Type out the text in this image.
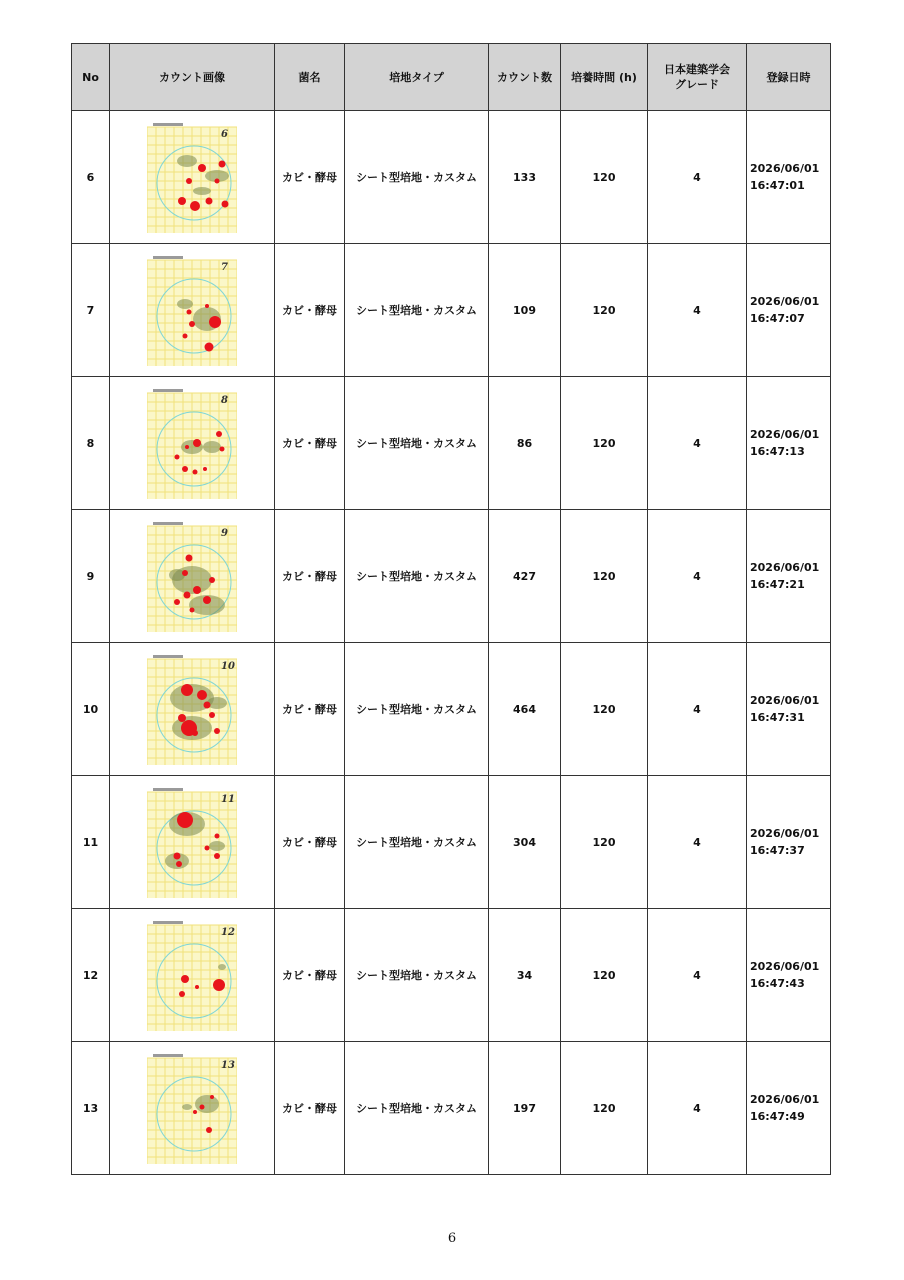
No	カウント画像	菌名	培地タイプ	カウント数	培養時間 (h)	日本建築学会
グレード	登録日時
6	6	カビ・酵母	シート型培地・カスタム	133	120	4	2026/06/01
16:47:01

7	7	カビ・酵母	シート型培地・カスタム	109	120	4	2026/06/01
16:47:07

8	8	カビ・酵母	シート型培地・カスタム	86	120	4	2026/06/01
16:47:13

9	9	カビ・酵母	シート型培地・カスタム	427	120	4	2026/06/01
16:47:21

10	10	カビ・酵母	シート型培地・カスタム	464	120	4	2026/06/01
16:47:31

11	11	カビ・酵母	シート型培地・カスタム	304	120	4	2026/06/01
16:47:37

12	12	カビ・酵母	シート型培地・カスタム	34	120	4	2026/06/01
16:47:43

13	13	カビ・酵母	シート型培地・カスタム	197	120	4	2026/06/01
16:47:49
6
